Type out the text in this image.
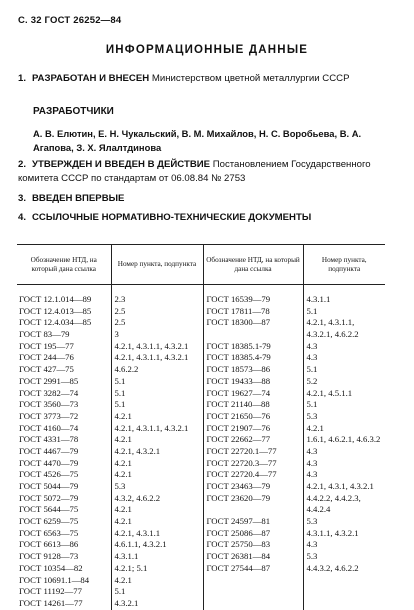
С. 32 ГОСТ 26252—84
ИНФОРМАЦИОННЫЕ ДАННЫЕ
1. РАЗРАБОТАН И ВНЕСЕН Министерством цветной металлургии СССР
РАЗРАБОТЧИКИ
А. В. Елютин, Е. Н. Чукальский, В. М. Михайлов, Н. С. Воробьева, В. А. Агапова, З. Х. Ялалтдинова
2. УТВЕРЖДЕН И ВВЕДЕН В ДЕЙСТВИЕ Постановлением Государственного комитета СССР по стандартам от 06.08.84 № 2753
3. ВВЕДЕН ВПЕРВЫЕ
4. ССЫЛОЧНЫЕ НОРМАТИВНО-ТЕХНИЧЕСКИЕ ДОКУМЕНТЫ
Обозначение НТД, на который дана ссылка	Номер пункта, подпункта	Обозначение НТД, на который дана ссылка	Номер пункта, подпункта
ГОСТ 12.1.014—89	2.3	ГОСТ 16539—79	4.3.1.1
ГОСТ 12.4.013—85	2.5	ГОСТ 17811—78	5.1
ГОСТ 12.4.034—85	2.5	ГОСТ 18300—87	4.2.1, 4.3.1.1,
ГОСТ 83—79	3		4.3.2.1, 4.6.2.2
ГОСТ 195—77	4.2.1, 4.3.1.1, 4.3.2.1	ГОСТ 18385.1-79	4.3
ГОСТ 244—76	4.2.1, 4.3.1.1, 4.3.2.1	ГОСТ 18385.4-79	4.3
ГОСТ 427—75	4.6.2.2	ГОСТ 18573—86	5.1
ГОСТ 2991—85	5.1	ГОСТ 19433—88	5.2
ГОСТ 3282—74	5.1	ГОСТ 19627—74	4.2.1, 4.5.1.1
ГОСТ 3560—73	5.1	ГОСТ 21140—88	5.1
ГОСТ 3773—72	4.2.1	ГОСТ 21650—76	5.3
ГОСТ 4160—74	4.2.1, 4.3.1.1, 4.3.2.1	ГОСТ 21907—76	4.2.1
ГОСТ 4331—78	4.2.1	ГОСТ 22662—77	1.6.1, 4.6.2.1, 4.6.3.2
ГОСТ 4467—79	4.2.1, 4.3.2.1	ГОСТ 22720.1—77	4.3
ГОСТ 4470—79	4.2.1	ГОСТ 22720.3—77	4.3
ГОСТ 4526—75	4.2.1	ГОСТ 22720.4—77	4.3
ГОСТ 5044—79	5.3	ГОСТ 23463—79	4.2.1, 4.3.1, 4.3.2.1
ГОСТ 5072—79	4.3.2, 4.6.2.2	ГОСТ 23620—79	4.4.2.2, 4.4.2.3,
ГОСТ 5644—75	4.2.1		4.4.2.4
ГОСТ 6259—75	4.2.1	ГОСТ 24597—81	5.3
ГОСТ 6563—75	4.2.1, 4.3.1.1	ГОСТ 25086—87	4.3.1.1, 4.3.2.1
ГОСТ 6613—86	4.6.1.1, 4.3.2.1	ГОСТ 25750—83	4.3
ГОСТ 9128—73	4.3.1.1	ГОСТ 26381—84	5.3
ГОСТ 10354—82	4.2.1; 5.1	ГОСТ 27544—87	4.4.3.2, 4.6.2.2
ГОСТ 10691.1—84	4.2.1		
ГОСТ 11192—77	5.1		
ГОСТ 14261—77	4.3.2.1		
